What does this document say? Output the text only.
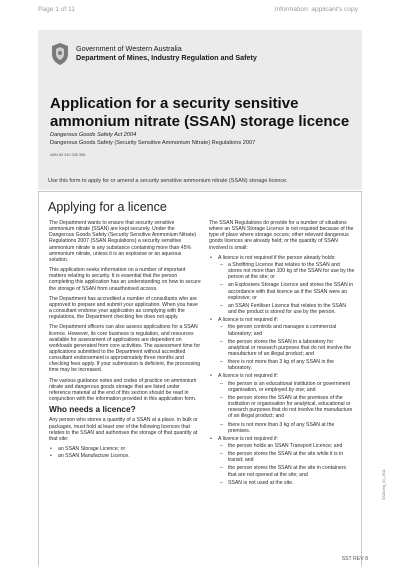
Page 1 of 11	Information: applicant's copy
Government of Western Australia
Department of Mines, Industry Regulation and Safety
Application for a security sensitive ammonium nitrate (SSAN) storage licence
Dangerous Goods Safety Act 2004
Dangerous Goods Safety (Security Sensitive Ammonium Nitrate) Regulations 2007
ABN 69 410 335 356
Use this form to apply for or amend a security sensitive ammonium nitrate (SSAN) storage licence.
Applying for a licence

The Department wants to ensure that security sensitive ammonium nitrate (SSAN) are kept securely. Under the Dangerous Goods Safety (Security Sensitive Ammonium Nitrate) Regulations 2007 (SSAN Regulations) a security sensitive ammonium nitrate is any substance containing more than 45% ammonium nitrate, unless it is an explosive or an aqueous solution.

This application seeks information on a number of important matters relating to security. It is essential that the person completing this application has an understanding on how to secure the storage of SSAN from unauthorised access.

The Department has accredited a number of consultants who are approved to prepare and submit your application. When you have a consultant endorse your application as complying with the regulations, the Department checking fee does not apply.

The Department officers can also assess applications for a SSAN licence. However, its core business is regulation, and resources available for assessment of applications are dependent on workloads generated from core activities. The assessment time for applications submitted to the Department without accredited consultant endorsement is approximately three months and checking fees apply. If your submission is deficient, the processing time may be increased.

The various guidance notes and codes of practice on ammonium nitrate and dangerous goods storage that are listed under reference material at the end of this section should be read in conjunction with the information provided in this application form.

Who needs a licence?

Any person who stores a quantity of a SSAN at a place, in bulk or packages, must hold at least one of the following licences that relates to the SSAN and authorises the storage of that quantity at that site:

• an SSAN Storage Licence; or
• an SSAN Manufacture Licence.

The SSAN Regulations do provide for a number of situations where an SSAN Storage Licence is not required because of the type of place where storage occurs; other relevant dangerous goods licences are already held; or the quantity of SSAN involved is small:

• A licence is not required if the person already holds:
– a Shotfiring Licence that relates to the SSAN and stores not more than 100 kg of the SSAN for use by the person at the site; or
– an Explosives Storage Licence and stores the SSAN in accordance with that licence as if the SSAN were an explosive; or
– an SSAN Fertiliser Licence that relates to the SSAN and the product is stored for use by the person.
• A licence is not required if:
– the person controls and manages a commercial laboratory; and
– the person stores the SSAN in a laboratory for analytical or research purposes that do not involve the manufacture of an illegal product; and
– there is not more than 3 kg of any SSAN in the laboratory.
• A licence is not required if:
– the person is an educational institution or government organisation, or employed by one; and
– the person stores the SSAN at the premises of the institution or organisation for analytical, educational or research purposes that do not involve the manufacture of an illegal product; and
– there is not more than 3 kg of any SSAN at the premises.
• A licence is not required if:
– the person holds an SSAN Transport Licence; and
– the person stores the SSAN at the site while it is in transit; and
– the person stores the SSAN at the site in containers that are not opened at the site; and
– SSAN is not used at the site.
SST REV 8
SSANreg_01_2011
